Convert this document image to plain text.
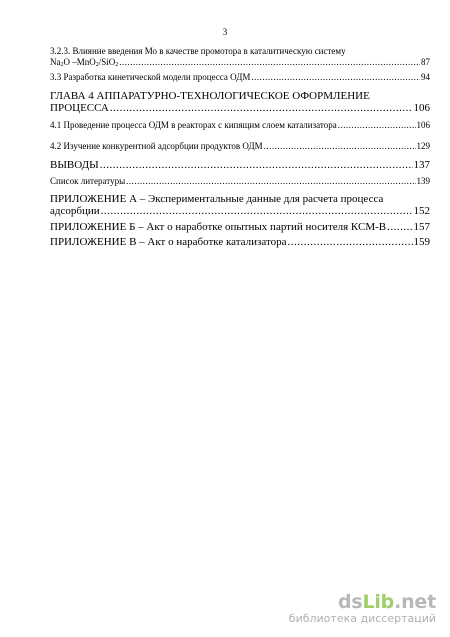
3
3.2.3. Влияние введения Мо в качестве промотора в каталитическую систему
$Na_2O$ –MnO$_2$/SiO$_2$ .....	87
3.3 Разработка кинетической модели процесса ОДМ .....	94
ГЛАВА 4 АППАРАТУРНО-ТЕХНОЛОГИЧЕСКОЕ ОФОРМЛЕНИЕ
ПРОЦЕССА .....	106
4.1 Проведение процесса ОДМ в реакторах с кипящим слоем катализатора .....	106
4.2 Изучение конкурентной адсорбции продуктов ОДМ .....	129
ВЫВОДЫ .....	137
Список литературы .....	139
ПРИЛОЖЕНИЕ А – Экспериментальные данные для расчета процесса
адсорбции .....	152
ПРИЛОЖЕНИЕ Б – Акт о наработке опытных партий носителя КСМ-В ..... 157
ПРИЛОЖЕНИЕ В – Акт о наработке катализатора .....	159
dsLib.net
библиотека диссертаций
